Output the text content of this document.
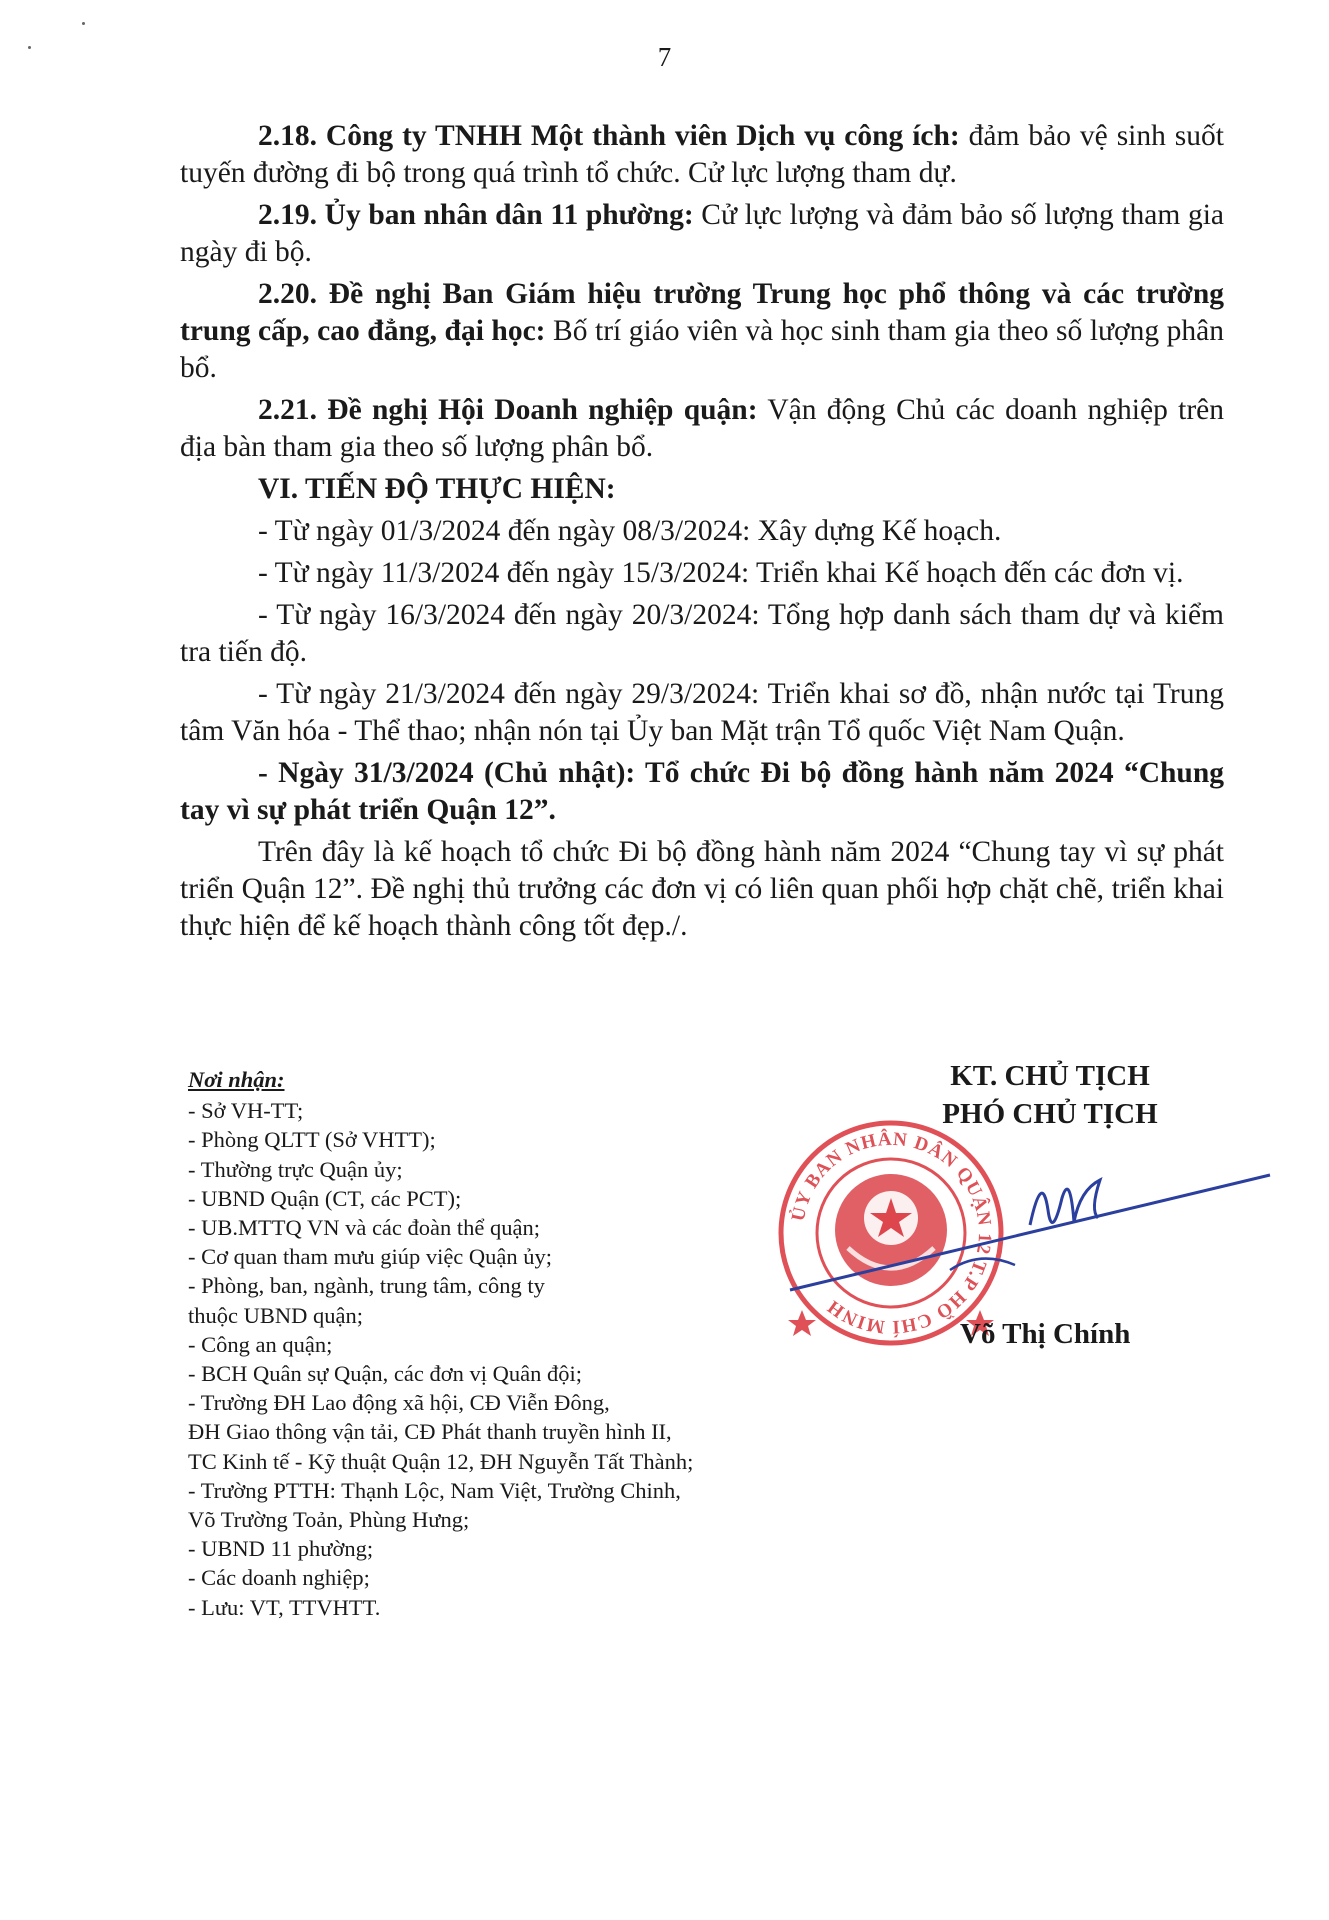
7

2.18. Công ty TNHH Một thành viên Dịch vụ công ích: đảm bảo vệ sinh suốt tuyến đường đi bộ trong quá trình tổ chức. Cử lực lượng tham dự.

2.19. Ủy ban nhân dân 11 phường: Cử lực lượng và đảm bảo số lượng tham gia ngày đi bộ.

2.20. Đề nghị Ban Giám hiệu trường Trung học phổ thông và các trường trung cấp, cao đẳng, đại học: Bố trí giáo viên và học sinh tham gia theo số lượng phân bổ.

2.21. Đề nghị Hội Doanh nghiệp quận: Vận động Chủ các doanh nghiệp trên địa bàn tham gia theo số lượng phân bổ.

VI. TIẾN ĐỘ THỰC HIỆN:

- Từ ngày 01/3/2024 đến ngày 08/3/2024: Xây dựng Kế hoạch.

- Từ ngày 11/3/2024 đến ngày 15/3/2024: Triển khai Kế hoạch đến các đơn vị.

- Từ ngày 16/3/2024 đến ngày 20/3/2024: Tổng hợp danh sách tham dự và kiểm tra tiến độ.

- Từ ngày 21/3/2024 đến ngày 29/3/2024: Triển khai sơ đồ, nhận nước tại Trung tâm Văn hóa - Thể thao; nhận nón tại Ủy ban Mặt trận Tổ quốc Việt Nam Quận.

- Ngày 31/3/2024 (Chủ nhật): Tổ chức Đi bộ đồng hành năm 2024 “Chung tay vì sự phát triển Quận 12”.

Trên đây là kế hoạch tổ chức Đi bộ đồng hành năm 2024 “Chung tay vì sự phát triển Quận 12”. Đề nghị thủ trưởng các đơn vị có liên quan phối hợp chặt chẽ, triển khai thực hiện để kế hoạch thành công tốt đẹp./.

Nơi nhận:

- Sở VH-TT;
- Phòng QLTT (Sở VHTT);
- Thường trực Quận ủy;
- UBND Quận (CT, các PCT);
- UB.MTTQ VN và các đoàn thể quận;
- Cơ quan tham mưu giúp việc Quận ủy;
- Phòng, ban, ngành, trung tâm, công ty
thuộc UBND quận;
- Công an quận;
- BCH Quân sự Quận, các đơn vị Quân đội;
- Trường ĐH Lao động xã hội, CĐ Viễn Đông,
ĐH Giao thông vận tải, CĐ Phát thanh truyền hình II,
TC Kinh tế - Kỹ thuật Quận 12, ĐH Nguyễn Tất Thành;
- Trường PTTH: Thạnh Lộc, Nam Việt, Trường Chinh,
Võ Trường Toản, Phùng Hưng;
- UBND 11 phường;
- Các doanh nghiệp;
- Lưu: VT, TTVHTT.
KT. CHỦ TỊCH
PHÓ CHỦ TỊCH
ỦY BAN NHÂN DÂN QUẬN 12 T.P HỒ CHÍ MINH
Võ Thị Chính
